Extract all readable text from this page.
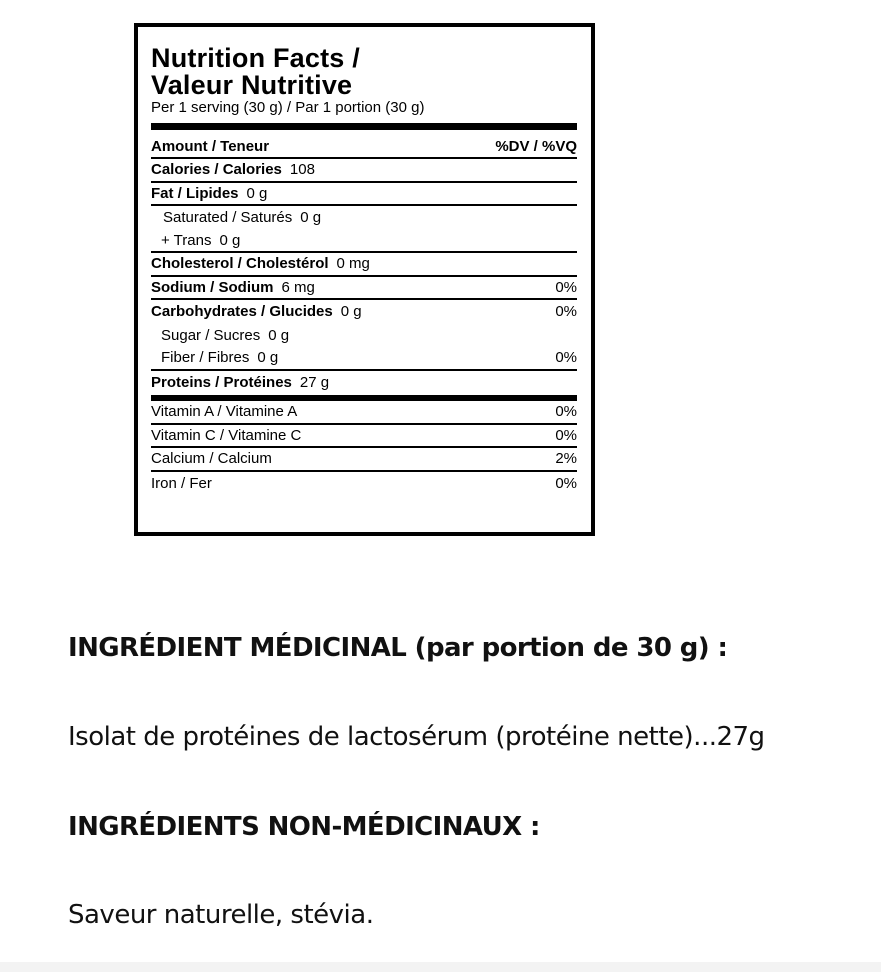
Nutrition Facts /
Valeur Nutritive
Per 1 serving (30 g) / Par 1 portion (30 g)
Amount / Teneur	%DV / %VQ
Calories / Calories 108
Fat / Lipides 0 g
Saturated / Saturés 0 g
+ Trans 0 g
Cholesterol / Cholestérol 0 mg
Sodium / Sodium 6 mg	0%
Carbohydrates / Glucides 0 g	0%
Sugar / Sucres 0 g
Fiber / Fibres 0 g	0%
Proteins / Protéines 27 g
Vitamin A / Vitamine A	0%
Vitamin C / Vitamine C	0%
Calcium / Calcium	2%
Iron / Fer	0%
INGRÉDIENT MÉDICINAL (par portion de 30 g) :
Isolat de protéines de lactosérum (protéine nette)...27g
INGRÉDIENTS NON-MÉDICINAUX :
Saveur naturelle, stévia.
